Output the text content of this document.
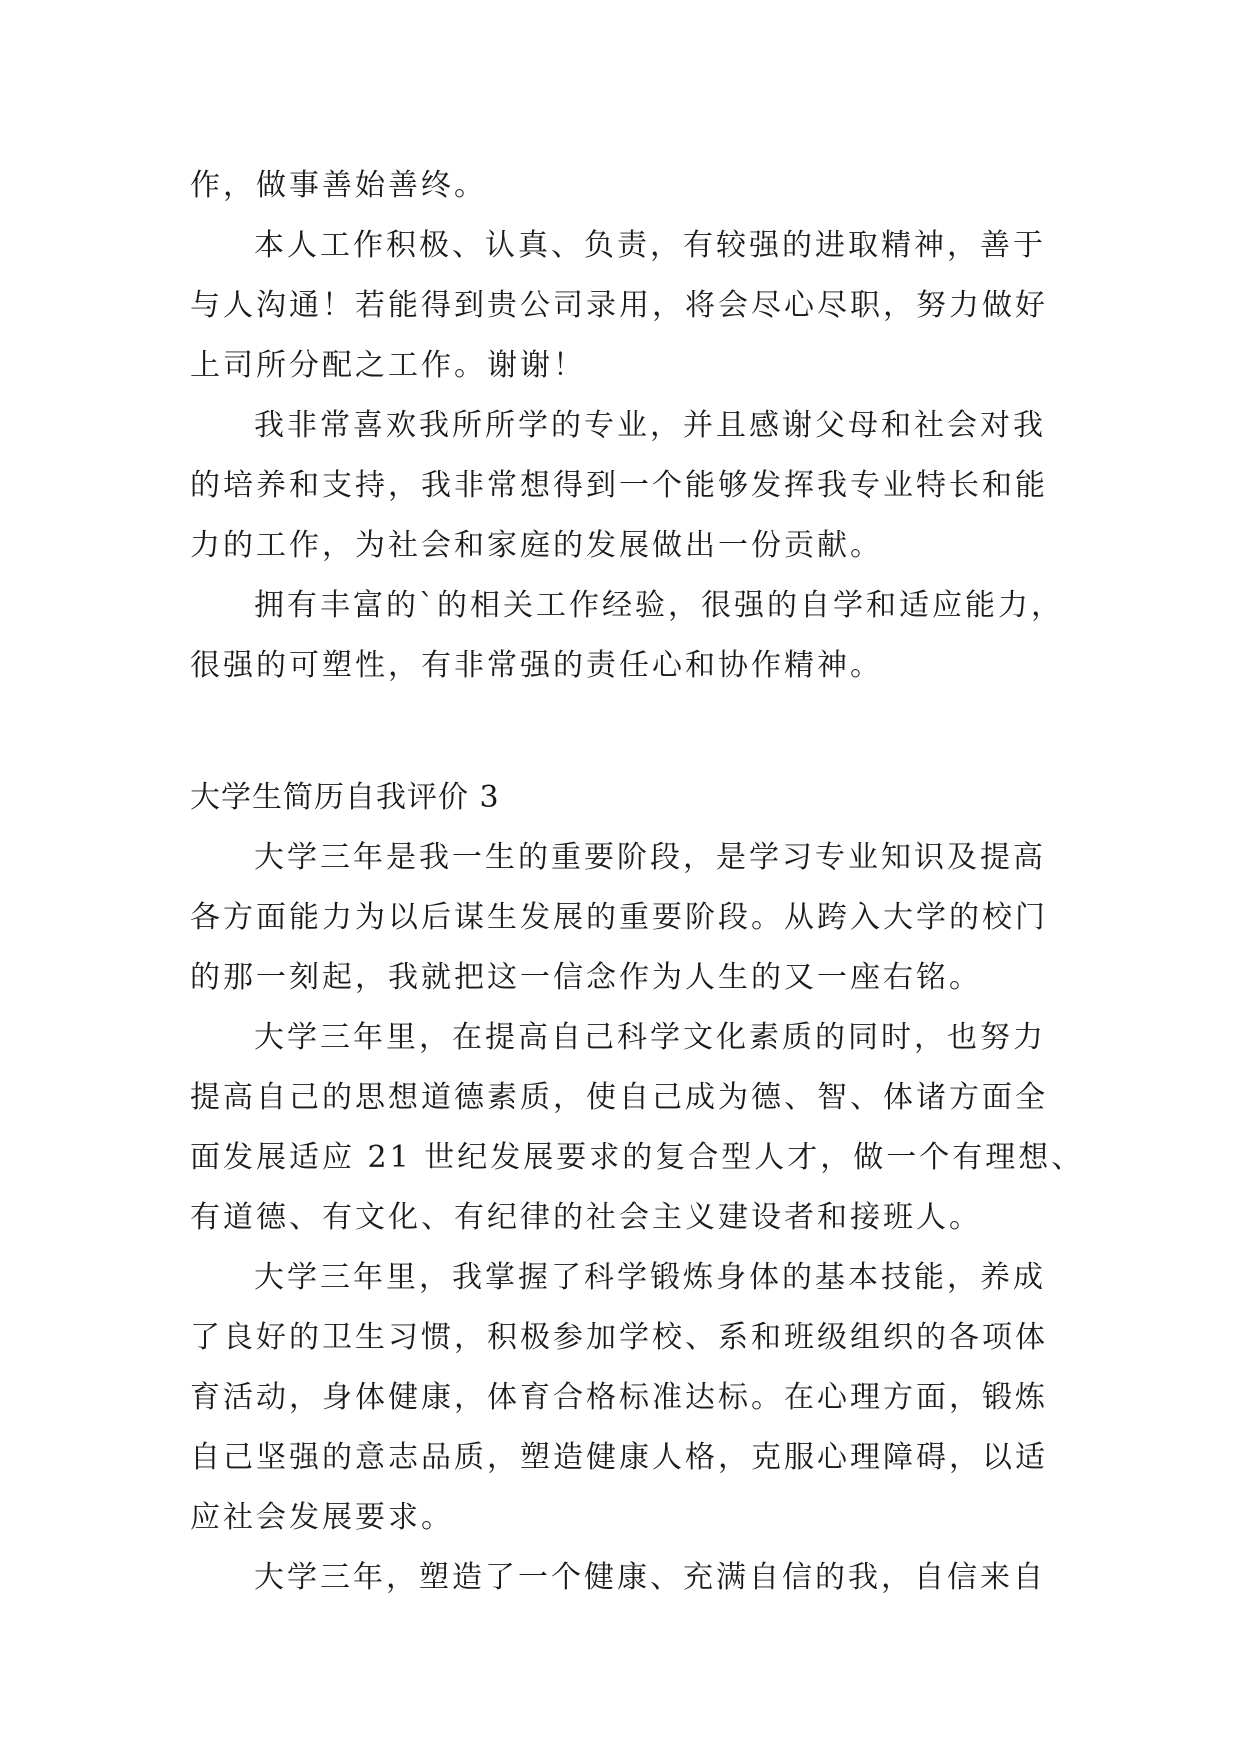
作，做事善始善终。
本人工作积极、认真、负责，有较强的进取精神，善于
与人沟通！若能得到贵公司录用，将会尽心尽职，努力做好
上司所分配之工作。谢谢！
我非常喜欢我所所学的专业，并且感谢父母和社会对我
的培养和支持，我非常想得到一个能够发挥我专业特长和能
力的工作，为社会和家庭的发展做出一份贡献。
拥有丰富的`的相关工作经验，很强的自学和适应能力，
很强的可塑性，有非常强的责任心和协作精神。
大学生简历自我评价 3
大学三年是我一生的重要阶段，是学习专业知识及提高
各方面能力为以后谋生发展的重要阶段。从跨入大学的校门
的那一刻起，我就把这一信念作为人生的又一座右铭。
大学三年里，在提高自己科学文化素质的同时，也努力
提高自己的思想道德素质，使自己成为德、智、体诸方面全
面发展适应 21 世纪发展要求的复合型人才，做一个有理想、
有道德、有文化、有纪律的社会主义建设者和接班人。
大学三年里，我掌握了科学锻炼身体的基本技能，养成
了良好的卫生习惯，积极参加学校、系和班级组织的各项体
育活动，身体健康，体育合格标准达标。在心理方面，锻炼
自己坚强的意志品质，塑造健康人格，克服心理障碍，以适
应社会发展要求。
大学三年，塑造了一个健康、充满自信的我，自信来自
